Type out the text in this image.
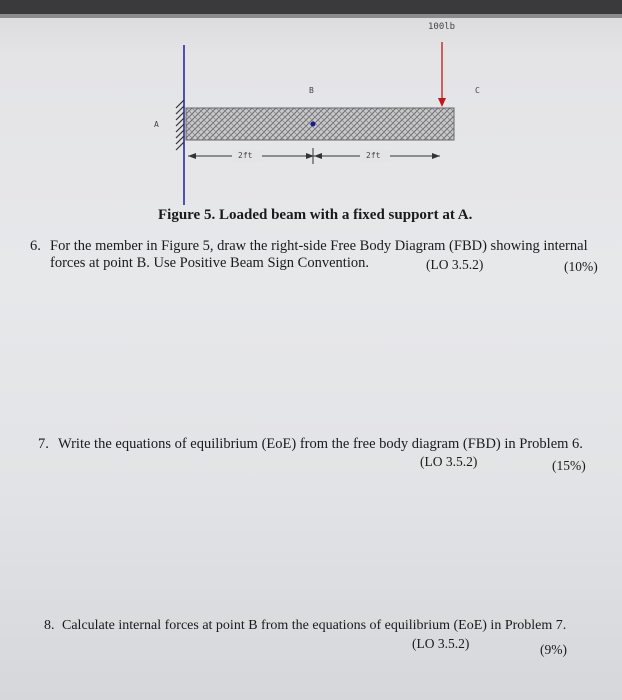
100lb
A
B	C
2ft	2ft
Figure 5. Loaded beam with a fixed support at A.
6. For the member in Figure 5, draw the right-side Free Body Diagram (FBD) showing internal
forces at point B. Use Positive Beam Sign Convention.	(LO 3.5.2)	(10%)
7. Write the equations of equilibrium (EoE) from the free body diagram (FBD) in Problem 6.
(LO 3.5.2)	(15%)
8. Calculate internal forces at point B from the equations of equilibrium (EoE) in Problem 7.
(LO 3.5.2)	(9%)
